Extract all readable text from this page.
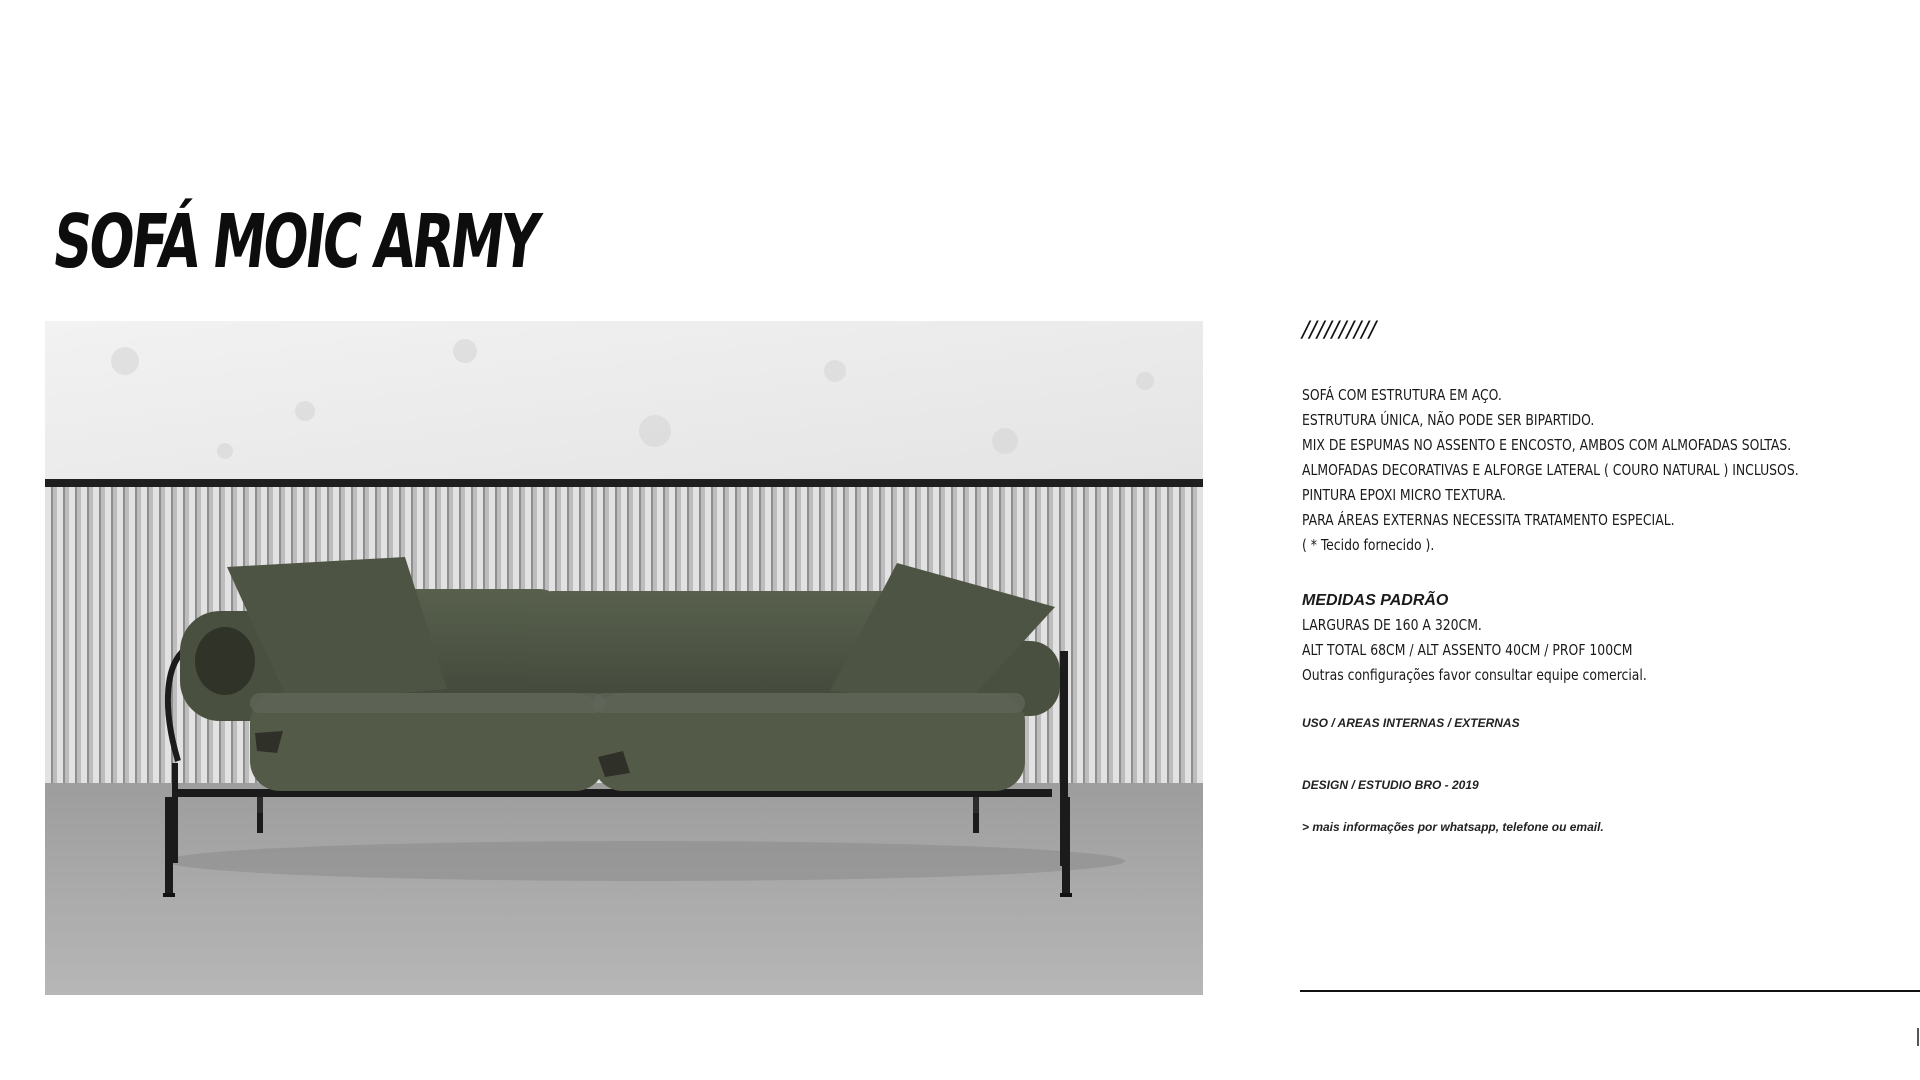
SOFÁ MOIC ARMY
//////////
SOFÁ COM ESTRUTURA EM AÇO.
ESTRUTURA ÚNICA, NÃO PODE SER BIPARTIDO.
MIX DE ESPUMAS NO ASSENTO E ENCOSTO, AMBOS COM ALMOFADAS SOLTAS.
ALMOFADAS DECORATIVAS E ALFORGE LATERAL ( COURO NATURAL ) INCLUSOS.
PINTURA EPOXI MICRO TEXTURA.
PARA ÁREAS EXTERNAS NECESSITA TRATAMENTO ESPECIAL.
( * Tecido fornecido ).
MEDIDAS PADRÃO
LARGURAS DE 160 A 320CM.
ALT TOTAL 68CM / ALT ASSENTO 40CM / PROF 100CM
Outras configurações favor consultar equipe comercial.
USO / AREAS INTERNAS / EXTERNAS
DESIGN / ESTUDIO BRO - 2019
> mais informações por whatsapp, telefone ou email.
